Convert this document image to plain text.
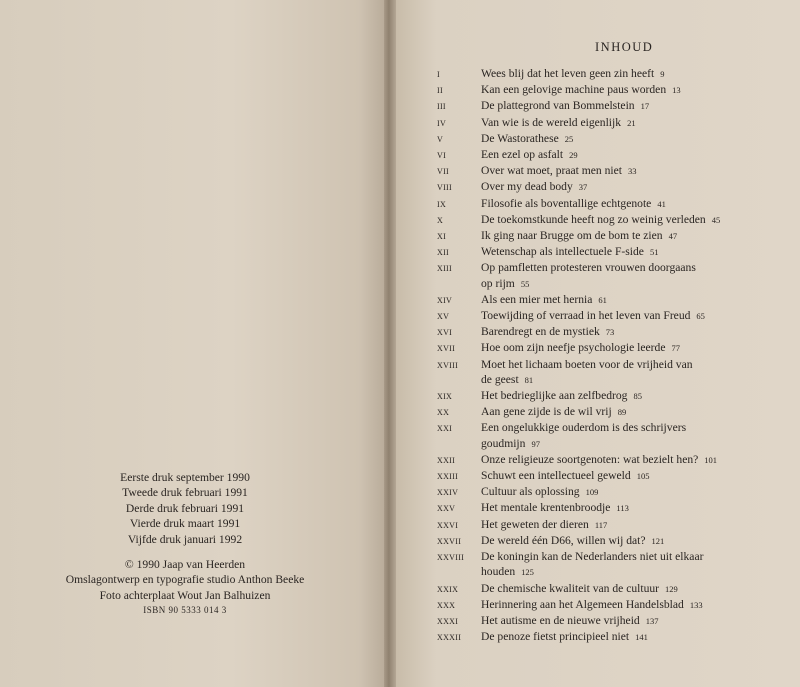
Eerste druk september 1990
Tweede druk februari 1991
Derde druk februari 1991
Vierde druk maart 1991
Vijfde druk januari 1992
© 1990 Jaap van Heerden
Omslagontwerp en typografie studio Anthon Beeke
Foto achterplaat Wout Jan Balhuizen
ISBN 90 5333 014 3
INHOUD
I	Wees blij dat het leven geen zin heeft 9
II	Kan een gelovige machine paus worden 13
III	De plattegrond van Bommelstein 17
IV	Van wie is de wereld eigenlijk 21
V	De Wastorathese 25
VI	Een ezel op asfalt 29
VII	Over wat moet, praat men niet 33
VIII	Over my dead body 37
IX	Filosofie als boventallige echtgenote 41
X	De toekomstkunde heeft nog zo weinig verleden 45
XI	Ik ging naar Brugge om de bom te zien 47
XII	Wetenschap als intellectuele F-side 51
XIII	Op pamfletten protesteren vrouwen doorgaans
op rijm 55
XIV	Als een mier met hernia 61
XV	Toewijding of verraad in het leven van Freud 65
XVI	Barendregt en de mystiek 73
XVII	Hoe oom zijn neefje psychologie leerde 77
XVIII	Moet het lichaam boeten voor de vrijheid van
de geest 81
XIX	Het bedrieglijke aan zelfbedrog 85
XX	Aan gene zijde is de wil vrij 89
XXI	Een ongelukkige ouderdom is des schrijvers
goudmijn 97
XXII	Onze religieuze soortgenoten: wat bezielt hen? 101
XXIII	Schuwt een intellectueel geweld 105
XXIV	Cultuur als oplossing 109
XXV	Het mentale krentenbroodje 113
XXVI	Het geweten der dieren 117
XXVII	De wereld één D66, willen wij dat? 121
XXVIII	De koningin kan de Nederlanders niet uit elkaar
houden 125
XXIX	De chemische kwaliteit van de cultuur 129
XXX	Herinnering aan het Algemeen Handelsblad 133
XXXI	Het autisme en de nieuwe vrijheid 137
XXXII	De penoze fietst principieel niet 141
